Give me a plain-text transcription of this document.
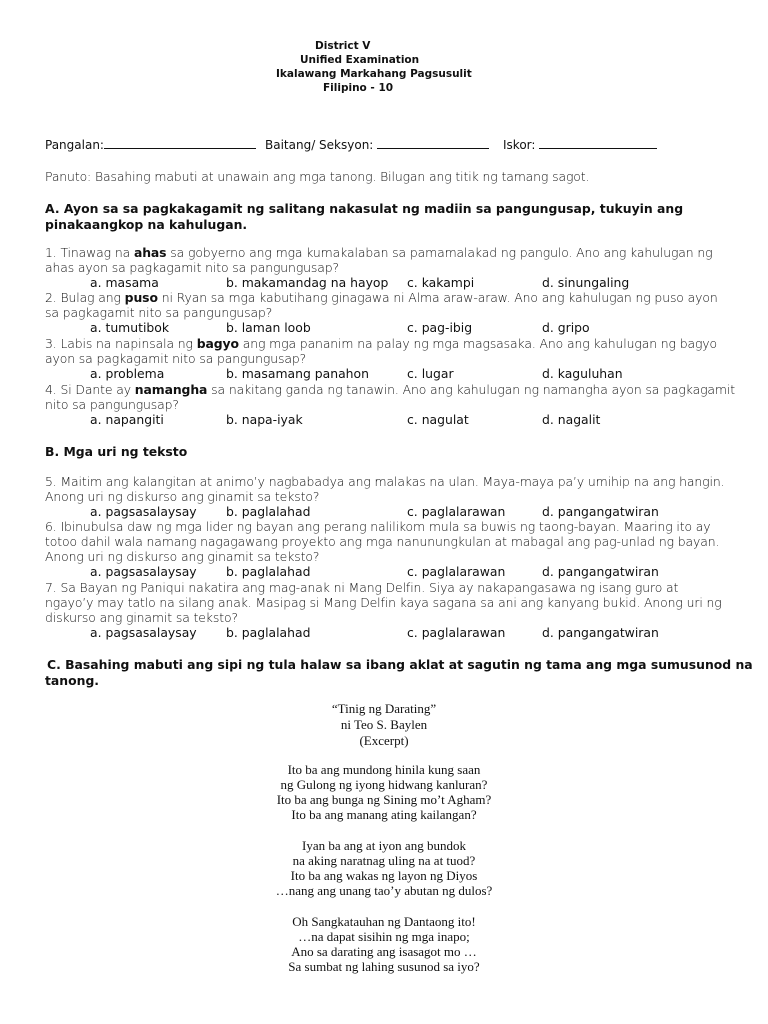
District V
Unified Examination
Ikalawang Markahang Pagsusulit
Filipino - 10
Pangalan:	Baitang/ Seksyon:	Iskor:
Panuto: Basahing mabuti at unawain ang mga tanong. Bilugan ang titik ng tamang sagot.
A. Ayon sa sa pagkakagamit ng salitang nakasulat ng madiin sa pangungusap, tukuyin ang
pinakaangkop na kahulugan.
1. Tinawag na ahas sa gobyerno ang mga kumakalaban sa pamamalakad ng pangulo. Ano ang kahulugan ng
ahas ayon sa pagkagamit nito sa pangungusap?
a. masama	b. makamandag na hayop c. kakampi	d. sinungaling
2. Bulag ang puso ni Ryan sa mga kabutihang ginagawa ni Alma araw-araw. Ano ang kahulugan ng puso ayon
sa pagkagamit nito sa pangungusap?
a. tumutibok	b. laman loob	c. pag-ibig	d. gripo
3. Labis na napinsala ng bagyo ang mga pananim na palay ng mga magsasaka. Ano ang kahulugan ng bagyo
ayon sa pagkagamit nito sa pangungusap?
a. problema	b. masamang panahon	c. lugar	d. kaguluhan
4. Si Dante ay namangha sa nakitang ganda ng tanawin. Ano ang kahulugan ng namangha ayon sa pagkagamit
nito sa pangungusap?
a. napangiti	b. napa-iyak	c. nagulat	d. nagalit
B. Mga uri ng teksto
5. Maitim ang kalangitan at animo’y nagbabadya ang malakas na ulan. Maya-maya pa’y umihip na ang hangin.
Anong uri ng diskurso ang ginamit sa teksto?
a. pagsasalaysay b. paglalahad	c. paglalarawan	d. pangangatwiran
6. Ibinubulsa daw ng mga lider ng bayan ang perang nalilikom mula sa buwis ng taong-bayan. Maaring ito ay
totoo dahil wala namang nagagawang proyekto ang mga nanunungkulan at mabagal ang pag-unlad ng bayan.
Anong uri ng diskurso ang ginamit sa teksto?
a. pagsasalaysay b. paglalahad	c. paglalarawan	d. pangangatwiran
7. Sa Bayan ng Paniqui nakatira ang mag-anak ni Mang Delfin. Siya ay nakapangasawa ng isang guro at
ngayo’y may tatlo na silang anak. Masipag si Mang Delfin kaya sagana sa ani ang kanyang bukid. Anong uri ng
diskurso ang ginamit sa teksto?
a. pagsasalaysay b. paglalahad	c. paglalarawan	d. pangangatwiran
C. Basahing mabuti ang sipi ng tula halaw sa ibang aklat at sagutin ng tama ang mga sumusunod na
tanong.
“Tinig ng Darating”
ni Teo S. Baylen
(Excerpt)
Ito ba ang mundong hinila kung saan
ng Gulong ng iyong hidwang kanluran?
Ito ba ang bunga ng Sining mo’t Agham?
Ito ba ang manang ating kailangan?
Iyan ba ang at iyon ang bundok
na aking naratnag uling na at tuod?
Ito ba ang wakas ng layon ng Diyos
…nang ang unang tao’y abutan ng dulos?
Oh Sangkatauhan ng Dantaong ito!
…na dapat sisihin ng mga inapo;
Ano sa darating ang isasagot mo …
Sa sumbat ng lahing susunod sa iyo?
